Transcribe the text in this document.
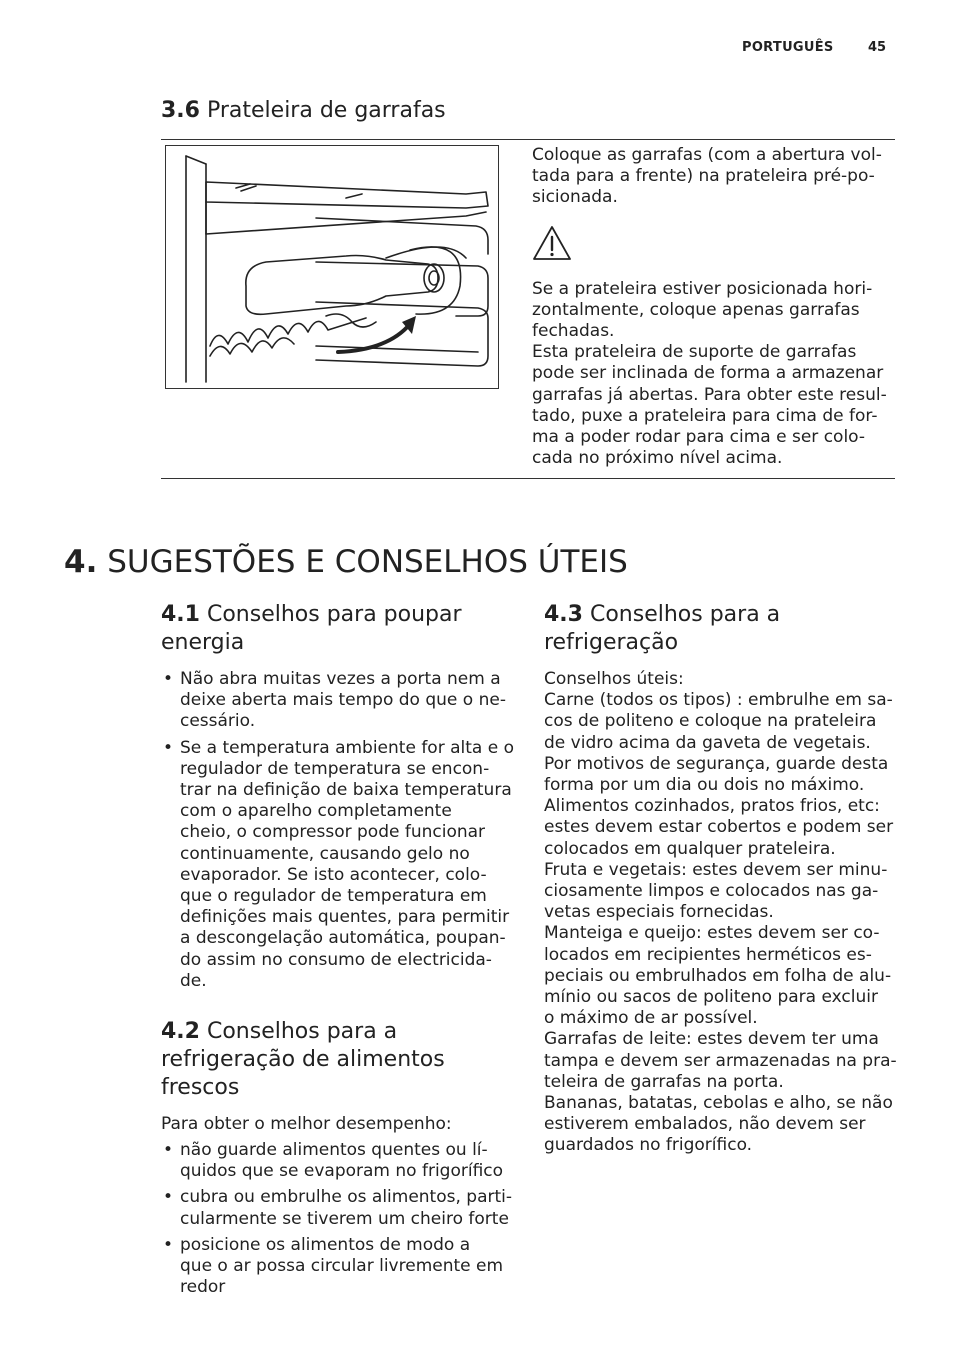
PORTUGUÊS	45
3.6 Prateleira de garrafas

Coloque as garrafas (com a abertura vol-
tada para a frente) na prateleira pré-po-
sicionada.

Se a prateleira estiver posicionada hori-
zontalmente, coloque apenas garrafas
fechadas.
Esta prateleira de suporte de garrafas
pode ser inclinada de forma a armazenar
garrafas já abertas. Para obter este resul-
tado, puxe a prateleira para cima de for-
ma a poder rodar para cima e ser colo-
cada no próximo nível acima.

4. SUGESTÕES E CONSELHOS ÚTEIS
4.1 Conselhos para poupar
energia
• Não abra muitas vezes a porta nem a
deixe aberta mais tempo do que o ne-
cessário.
• Se a temperatura ambiente for alta e o
regulador de temperatura se encon-
trar na definição de baixa temperatura
com o aparelho completamente
cheio, o compressor pode funcionar
continuamente, causando gelo no
evaporador. Se isto acontecer, colo-
que o regulador de temperatura em
definições mais quentes, para permitir
a descongelação automática, poupan-
do assim no consumo de electricida-
de.
4.2 Conselhos para a
refrigeração de alimentos
frescos
Para obter o melhor desempenho:
• não guarde alimentos quentes ou lí-
quidos que se evaporam no frigorífico
• cubra ou embrulhe os alimentos, parti-
cularmente se tiverem um cheiro forte
• posicione os alimentos de modo a
que o ar possa circular livremente em
redor
4.3 Conselhos para a
refrigeração
Conselhos úteis:
Carne (todos os tipos) : embrulhe em sa-
cos de politeno e coloque na prateleira
de vidro acima da gaveta de vegetais.
Por motivos de segurança, guarde desta
forma por um dia ou dois no máximo.
Alimentos cozinhados, pratos frios, etc:
estes devem estar cobertos e podem ser
colocados em qualquer prateleira.
Fruta e vegetais: estes devem ser minu-
ciosamente limpos e colocados nas ga-
vetas especiais fornecidas.
Manteiga e queijo: estes devem ser co-
locados em recipientes herméticos es-
peciais ou embrulhados em folha de alu-
mínio ou sacos de politeno para excluir
o máximo de ar possível.
Garrafas de leite: estes devem ter uma
tampa e devem ser armazenadas na pra-
teleira de garrafas na porta.
Bananas, batatas, cebolas e alho, se não
estiverem embalados, não devem ser
guardados no frigorífico.
